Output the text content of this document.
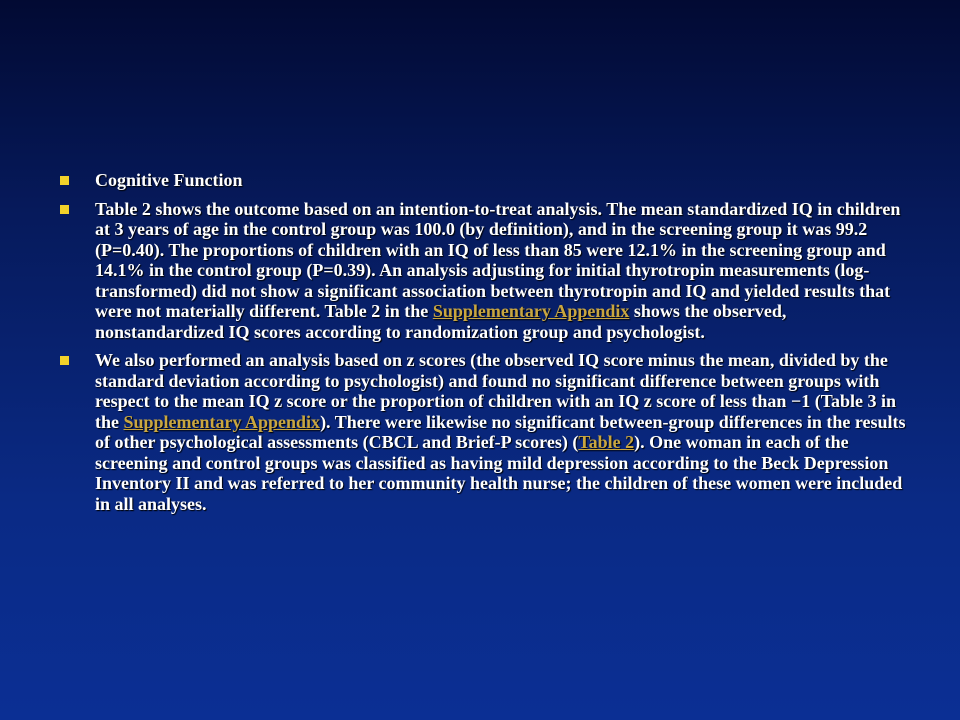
Cognitive Function
Table 2 shows the outcome based on an intention-to-treat analysis. The mean standardized IQ in children at 3 years of age in the control group was 100.0 (by definition), and in the screening group it was 99.2 (P=0.40). The proportions of children with an IQ of less than 85 were 12.1% in the screening group and 14.1% in the control group (P=0.39). An analysis adjusting for initial thyrotropin measurements (log-transformed) did not show a significant association between thyrotropin and IQ and yielded results that were not materially different. Table 2 in the Supplementary Appendix shows the observed, nonstandardized IQ scores according to randomization group and psychologist.
We also performed an analysis based on z scores (the observed IQ score minus the mean, divided by the standard deviation according to psychologist) and found no significant difference between groups with respect to the mean IQ z score or the proportion of children with an IQ z score of less than −1 (Table 3 in the Supplementary Appendix). There were likewise no significant between-group differences in the results of other psychological assessments (CBCL and Brief-P scores) (Table 2). One woman in each of the screening and control groups was classified as having mild depression according to the Beck Depression Inventory II and was referred to her community health nurse; the children of these women were included in all analyses.
